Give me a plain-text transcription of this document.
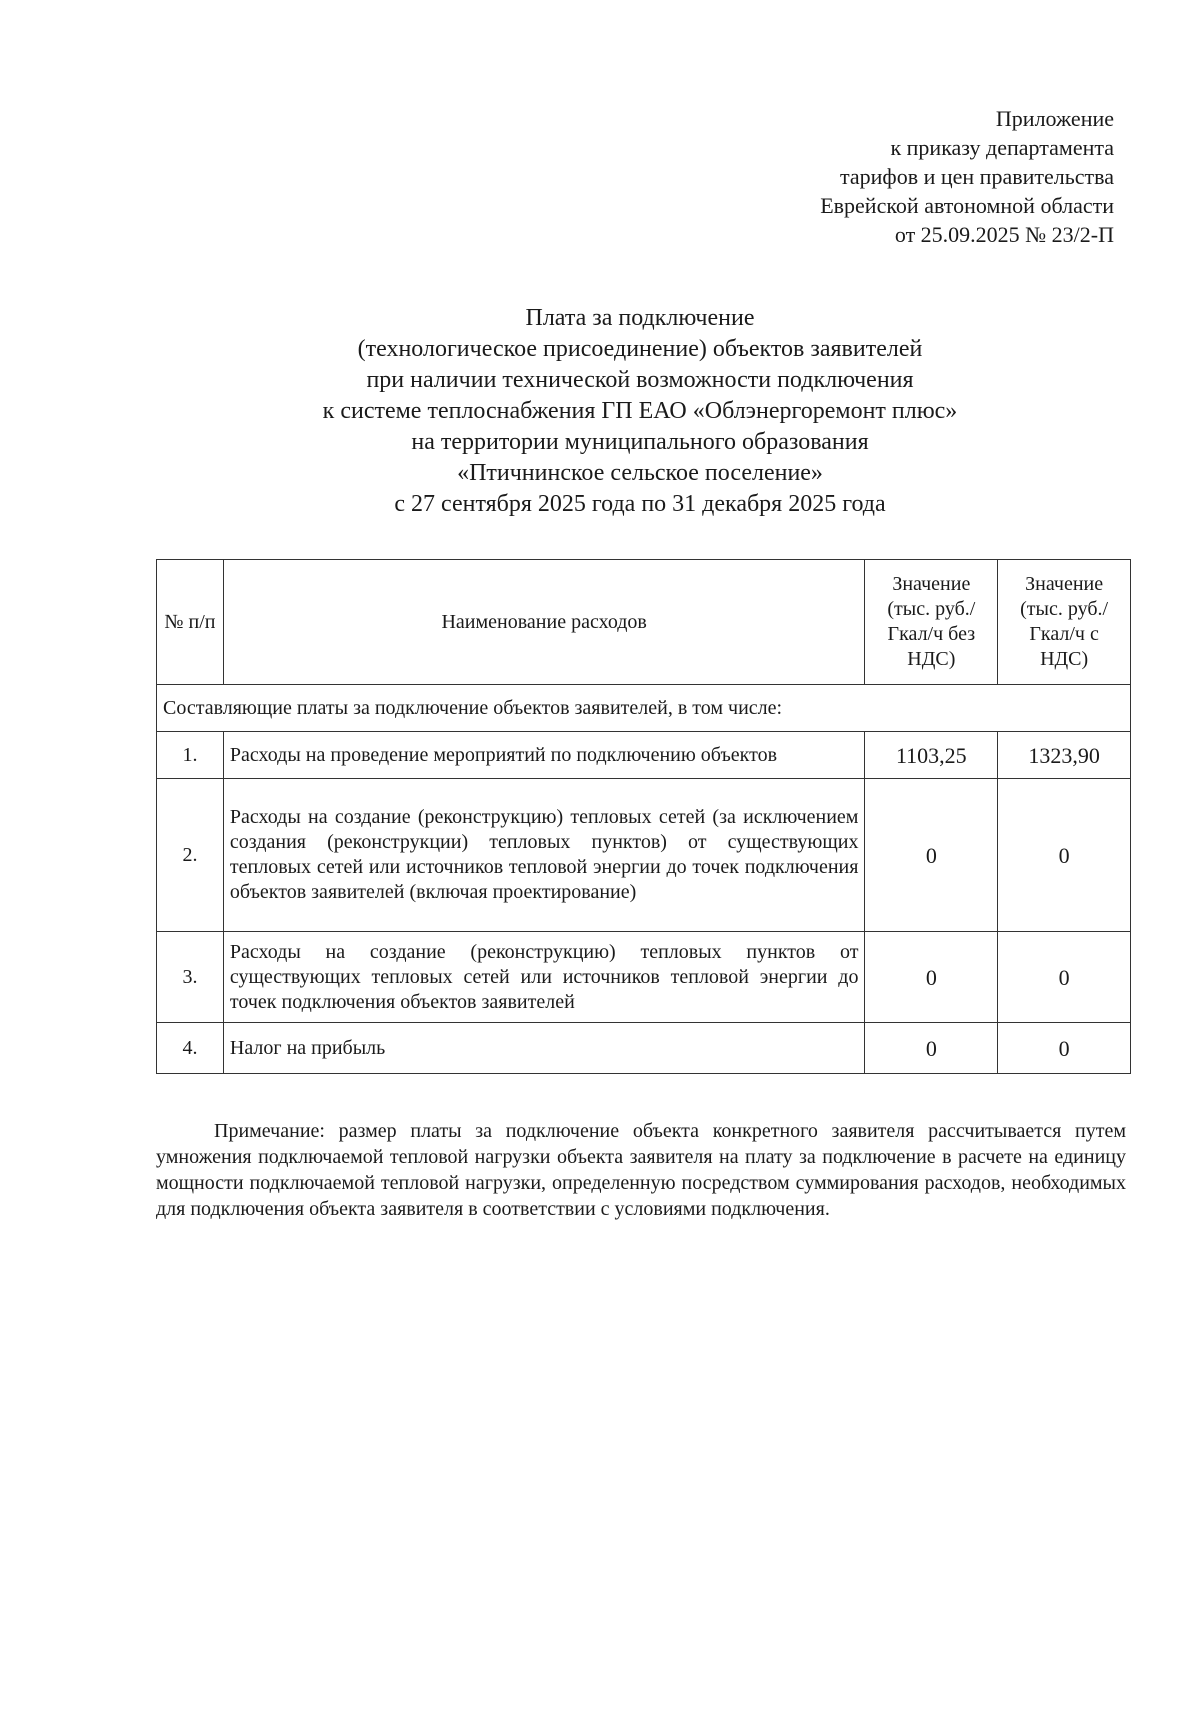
Приложение
к приказу департамента
тарифов и цен правительства
Еврейской автономной области
от 25.09.2025 № 23/2-П
Плата за подключение
(технологическое присоединение) объектов заявителей
при наличии технической возможности подключения
к системе теплоснабжения ГП ЕАО «Облэнергоремонт плюс»
на территории муниципального образования
«Птичнинское сельское поселение»
с 27 сентября 2025 года по 31 декабря 2025 года
№ п/п	Наименование расходов	Значение (тыс. руб./Гкал/ч без НДС)	Значение (тыс. руб./Гкал/ч с НДС)
Составляющие платы за подключение объектов заявителей, в том числе:			
1.	Расходы на проведение мероприятий по подключению объектов	1103,25	1323,90
2.	Расходы на создание (реконструкцию) тепловых сетей (за исключением создания (реконструкции) тепловых пунктов) от существующих тепловых сетей или источников тепловой энергии до точек подключения объектов заявителей (включая проектирование)	0	0
3.	Расходы на создание (реконструкцию) тепловых пунктов от существующих тепловых сетей или источников тепловой энергии до точек подключения объектов заявителей	0	0
4.	Налог на прибыль	0	0
Примечание: размер платы за подключение объекта конкретного заявителя рассчитывается путем умножения подключаемой тепловой нагрузки объекта заявителя на плату за подключение в расчете на единицу мощности подключаемой тепловой нагрузки, определенную посредством суммирования расходов, необходимых для подключения объекта заявителя в соответствии с условиями подключения.
